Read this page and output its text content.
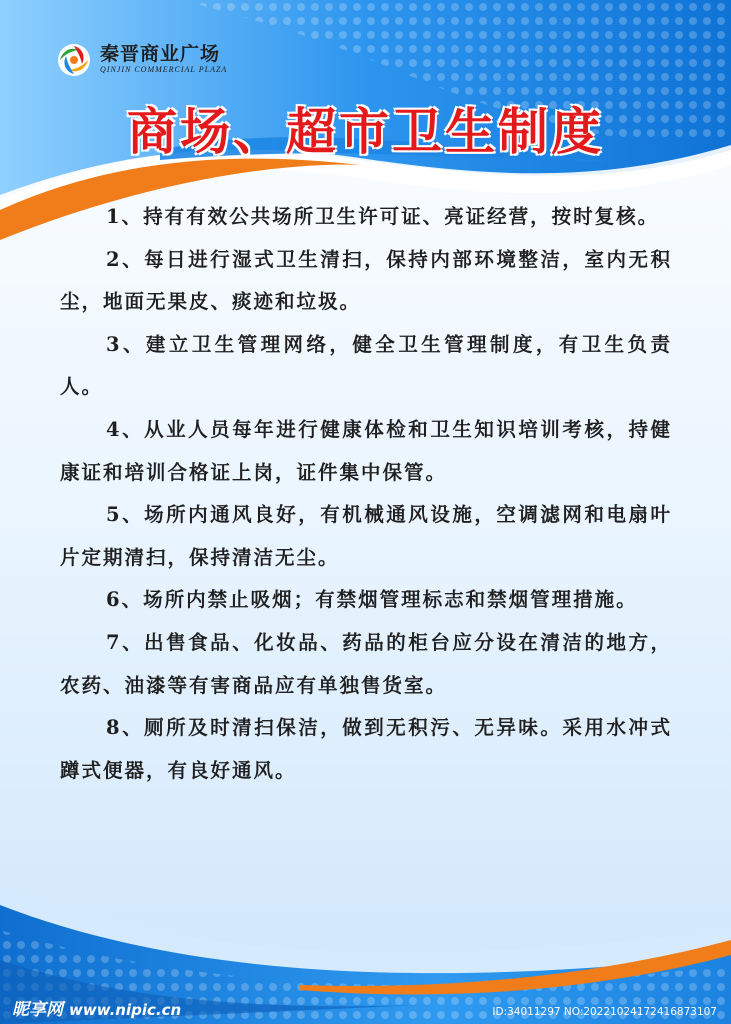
秦晋商业广场
QINJIN COMMERCIAL PLAZA
商场、超市卫生制度

1、持有有效公共场所卫生许可证、亮证经营，按时复核。

2、每日进行湿式卫生清扫，保持内部环境整洁，室内无积尘，地面无果皮、痰迹和垃圾。

3、建立卫生管理网络，健全卫生管理制度，有卫生负责人。

4、从业人员每年进行健康体检和卫生知识培训考核，持健康证和培训合格证上岗，证件集中保管。

5、场所内通风良好，有机械通风设施，空调滤网和电扇叶片定期清扫，保持清洁无尘。

6、场所内禁止吸烟；有禁烟管理标志和禁烟管理措施。

7、出售食品、化妆品、药品的柜台应分设在清洁的地方，农药、油漆等有害商品应有单独售货室。

8、厕所及时清扫保洁，做到无积污、无异味。采用水冲式蹲式便器，有良好通风。

昵享网 www.nipic.cn	ID:34011297 NO:20221024172416873107
